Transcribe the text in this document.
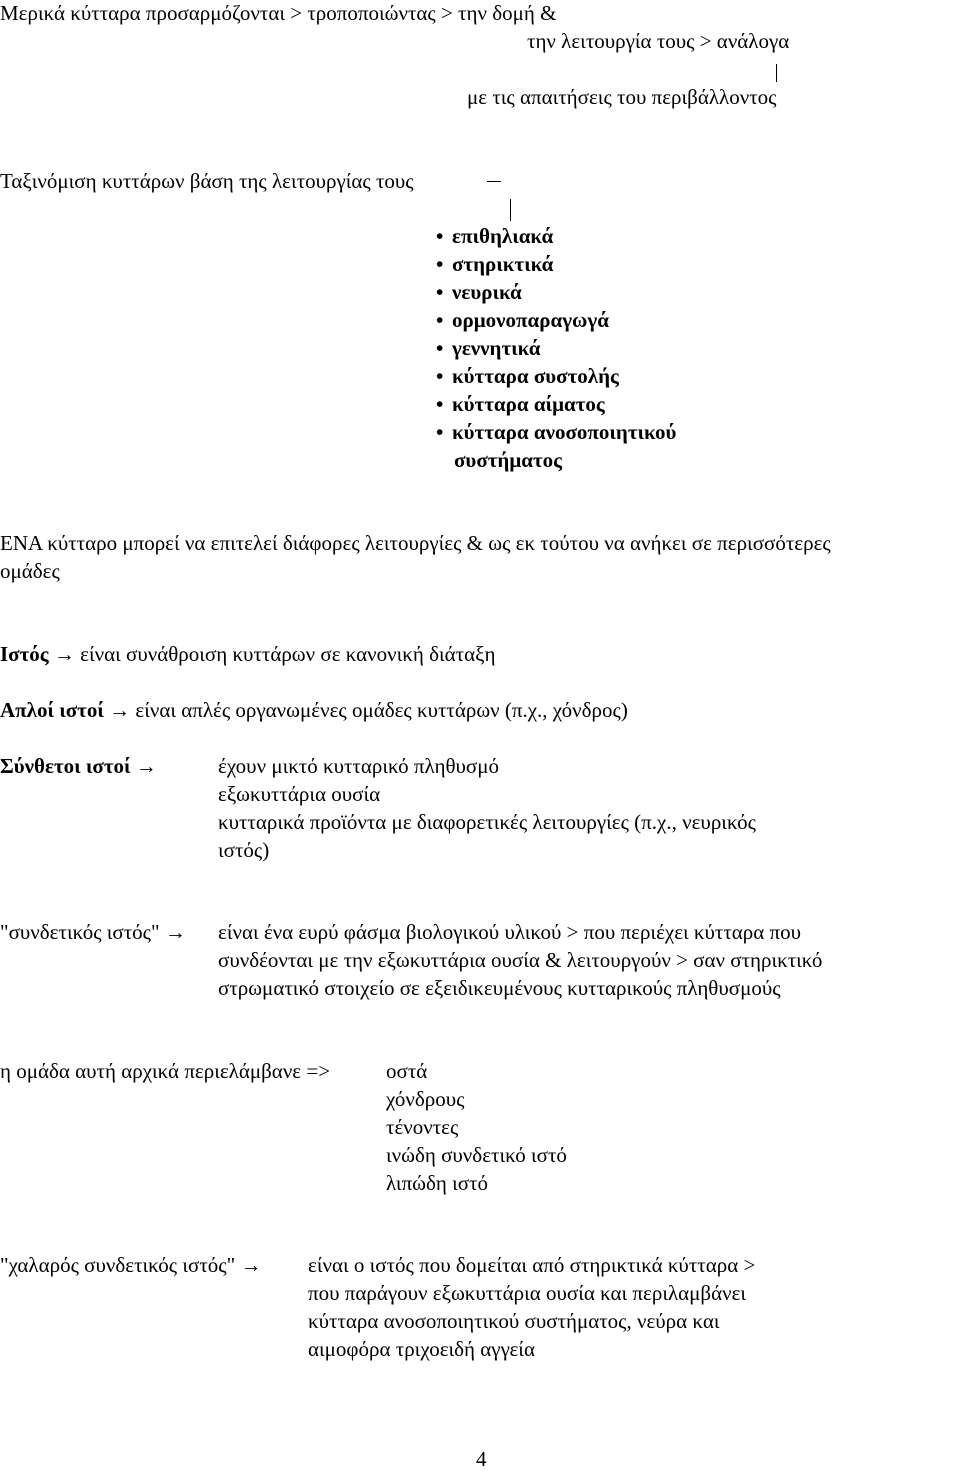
Μερικά κύτταρα προσαρμόζονται > τροποποιώντας > την δομή &
την λειτουργία τους > ανάλογα
με τις απαιτήσεις του περιβάλλοντος
Ταξινόμιση κυττάρων βάση της λειτουργίας τους
• επιθηλιακά
• στηρικτικά
• νευρικά
• ορμονοπαραγωγά
• γεννητικά
• κύτταρα συστολής
• κύτταρα αίματος
• κύτταρα ανοσοποιητικού
συστήματος
ΕΝΑ κύτταρο μπορεί να επιτελεί διάφορες λειτουργίες & ως εκ τούτου να ανήκει σε περισσότερες
ομάδες
Ιστός → είναι συνάθροιση κυττάρων σε κανονική διάταξη
Απλοί ιστοί → είναι απλές οργανωμένες ομάδες κυττάρων (π.χ., χόνδρος)
Σύνθετοι ιστοί →	έχουν μικτό κυτταρικό πληθυσμό
εξωκυττάρια ουσία
κυτταρικά προϊόντα με διαφορετικές λειτουργίες (π.χ., νευρικός
ιστός)
"συνδετικός ιστός" → είναι ένα ευρύ φάσμα βιολογικού υλικού > που περιέχει κύτταρα που
συνδέονται με την εξωκυττάρια ουσία & λειτουργούν > σαν στηρικτικό
στρωματικό στοιχείο σε εξειδικευμένους κυτταρικούς πληθυσμούς
η ομάδα αυτή αρχικά περιελάμβανε =>	οστά
χόνδρους
τένοντες
ινώδη συνδετικό ιστό
λιπώδη ιστό
"χαλαρός συνδετικός ιστός" → είναι ο ιστός που δομείται από στηρικτικά κύτταρα >
που παράγουν εξωκυττάρια ουσία και περιλαμβάνει
κύτταρα ανοσοποιητικού συστήματος, νεύρα και
αιμοφόρα τριχοειδή αγγεία
4
